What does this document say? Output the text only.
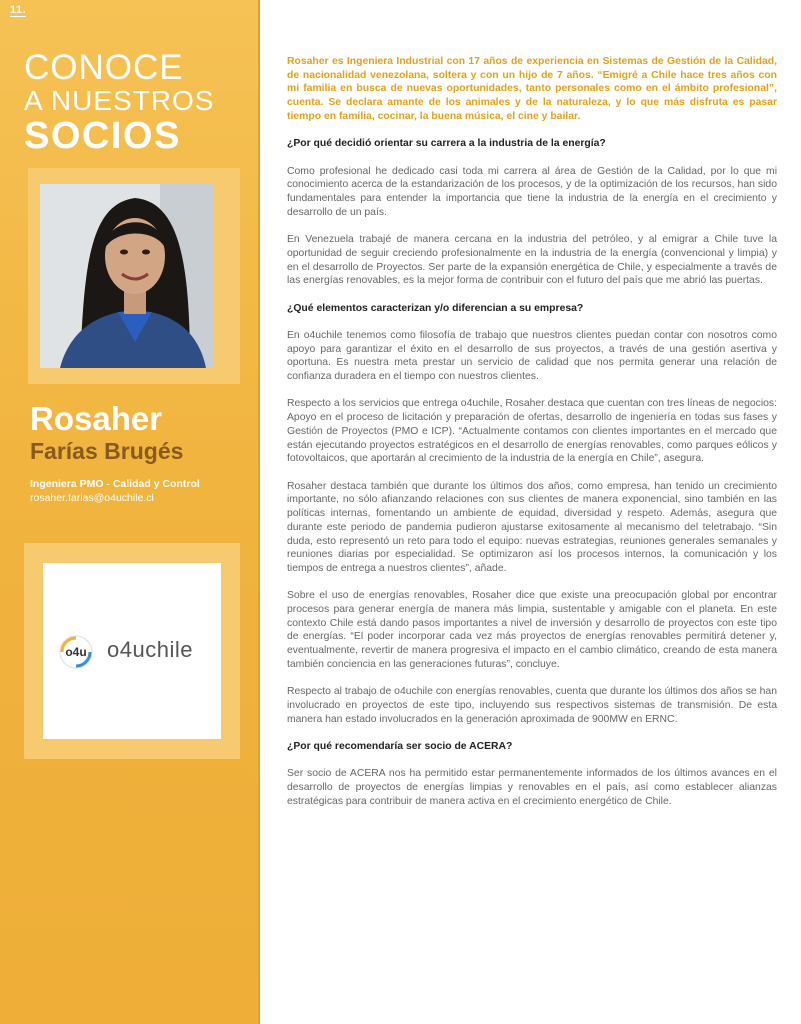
11.
CONOCE
A NUESTROS
SOCIOS
Rosaher
Farías Brugés
Ingeniera PMO - Calidad y Control
rosaher.farias@o4uchile.cl
o4u o4uchile

Rosaher es Ingeniera Industrial con 17 años de experiencia en Sistemas de Gestión de la Calidad, de nacionalidad venezolana, soltera y con un hijo de 7 años. “Emigré a Chile hace tres años con mi familia en busca de nuevas oportunidades, tanto personales como en el ámbito profesional”, cuenta. Se declara amante de los animales y de la naturaleza, y lo que más disfruta es pasar tiempo en familia, cocinar, la buena música, el cine y bailar.

¿Por qué decidió orientar su carrera a la industria de la energía?

Como profesional he dedicado casi toda mi carrera al área de Gestión de la Calidad, por lo que mi conocimiento acerca de la estandarización de los procesos, y de la optimización de los recursos, han sido fundamentales para entender la importancia que tiene la industria de la energía en el crecimiento y desarrollo de un país.

En Venezuela trabajé de manera cercana en la industria del petróleo, y al emigrar a Chile tuve la oportunidad de seguir creciendo profesionalmente en la industria de la energía (convencional y limpia) y en el desarrollo de Proyectos. Ser parte de la expansión energética de Chile, y especialmente a través de las energías renovables, es la mejor forma de contribuir con el futuro del país que me abrió las puertas.

¿Qué elementos caracterizan y/o diferencian a su empresa?

En o4uchile tenemos como filosofía de trabajo que nuestros clientes puedan contar con nosotros como apoyo para garantizar el éxito en el desarrollo de sus proyectos, a través de una gestión asertiva y oportuna. Es nuestra meta prestar un servicio de calidad que nos permita generar una relación de confianza duradera en el tiempo con nuestros clientes.

Respecto a los servicios que entrega o4uchile, Rosaher destaca que cuentan con tres líneas de negocios: Apoyo en el proceso de licitación y preparación de ofertas, desarrollo de ingeniería en todas sus fases y Gestión de Proyectos (PMO e ICP). “Actualmente contamos con clientes importantes en el mercado que están ejecutando proyectos estratégicos en el desarrollo de energías renovables, como parques eólicos y fotovoltaicos, que aportarán al crecimiento de la industria de la energía en Chile”, asegura.

Rosaher destaca también que durante los últimos dos años, como empresa, han tenido un crecimiento importante, no sólo afianzando relaciones con sus clientes de manera exponencial, sino también en las políticas internas, fomentando un ambiente de equidad, diversidad y respeto. Además, asegura que durante este periodo de pandemia pudieron ajustarse exitosamente al mecanismo del teletrabajo. “Sin duda, esto representó un reto para todo el equipo: nuevas estrategias, reuniones generales semanales y reuniones diarias por especialidad. Se optimizaron así los procesos internos, la comunicación y los tiempos de entrega a nuestros clientes”, añade.

Sobre el uso de energías renovables, Rosaher dice que existe una preocupación global por encontrar procesos para generar energía de manera más limpia, sustentable y amigable con el planeta. En este contexto Chile está dando pasos importantes a nivel de inversión y desarrollo de proyectos con este tipo de energías. “El poder incorporar cada vez más proyectos de energías renovables permitirá detener y, eventualmente, revertir de manera progresiva el impacto en el cambio climático, creando de esta manera también conciencia en las generaciones futuras”, concluye.

Respecto al trabajo de o4uchile con energías renovables, cuenta que durante los últimos dos años se han involucrado en proyectos de este tipo, incluyendo sus respectivos sistemas de transmisión. De esta manera han estado involucrados en la generación aproximada de 900MW en ERNC.

¿Por qué recomendaría ser socio de ACERA?

Ser socio de ACERA nos ha permitido estar permanentemente informados de los últimos avances en el desarrollo de proyectos de energías limpias y renovables en el país, así como establecer alianzas estratégicas para contribuir de manera activa en el crecimiento energético de Chile.
